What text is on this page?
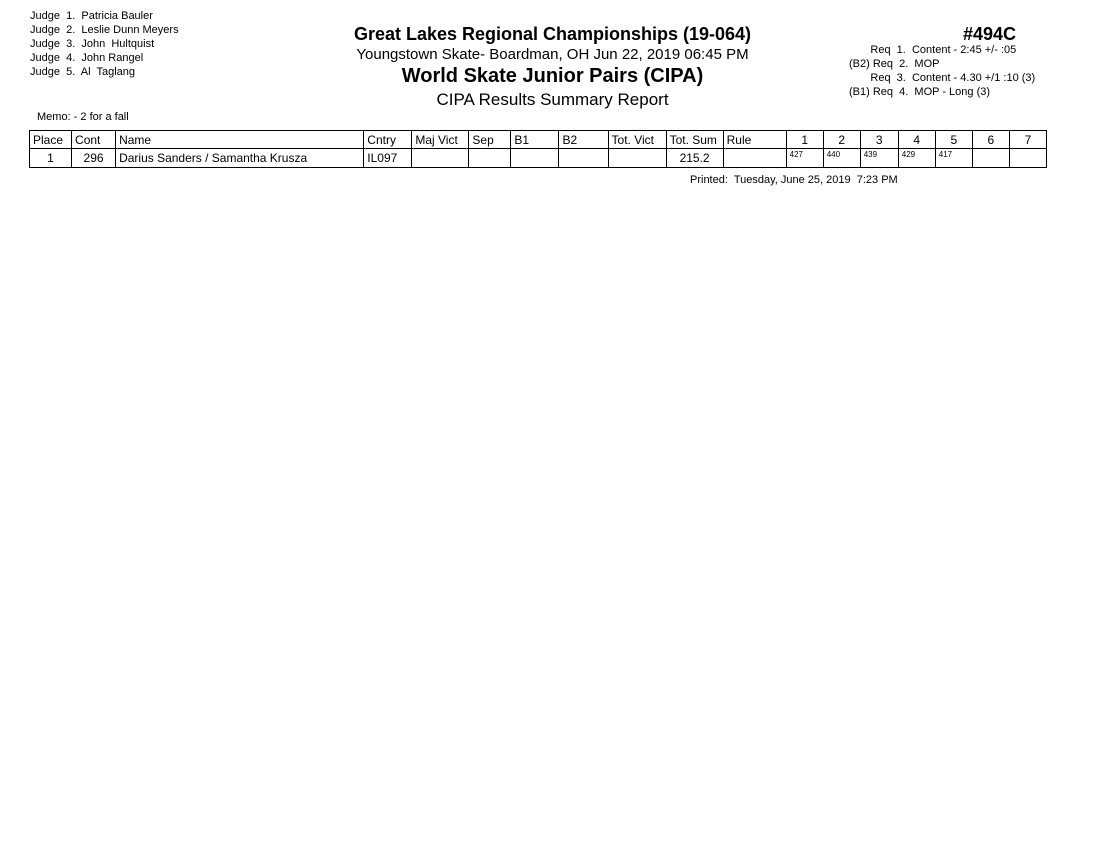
Judge  1.  Patricia Bauler
Judge  2.  Leslie Dunn Meyers
Judge  3.  John  Hultquist
Judge  4.  John Rangel
Judge  5.  Al  Taglang
Great Lakes Regional Championships (19-064)
Youngstown Skate- Boardman, OH Jun 22, 2019 06:45 PM
World Skate Junior Pairs (CIPA)
CIPA Results Summary Report
#494C
Req  1.  Content - 2:45 +/- :05
(B2) Req  2.  MOP
Req  3.  Content - 4.30 +/1 :10 (3)
(B1) Req  4.  MOP - Long (3)
Memo: - 2 for a fall
Place	Cont	Name	Cntry	Maj Vict	Sep	B1	B2	Tot. Vict	Tot. Sum	Rule	1	2	3	4	5	6	7
1	296	Darius Sanders / Samantha Krusza	IL097						215.2		427	440	439	429	417		
Printed:  Tuesday, June 25, 2019  7:23 PM
